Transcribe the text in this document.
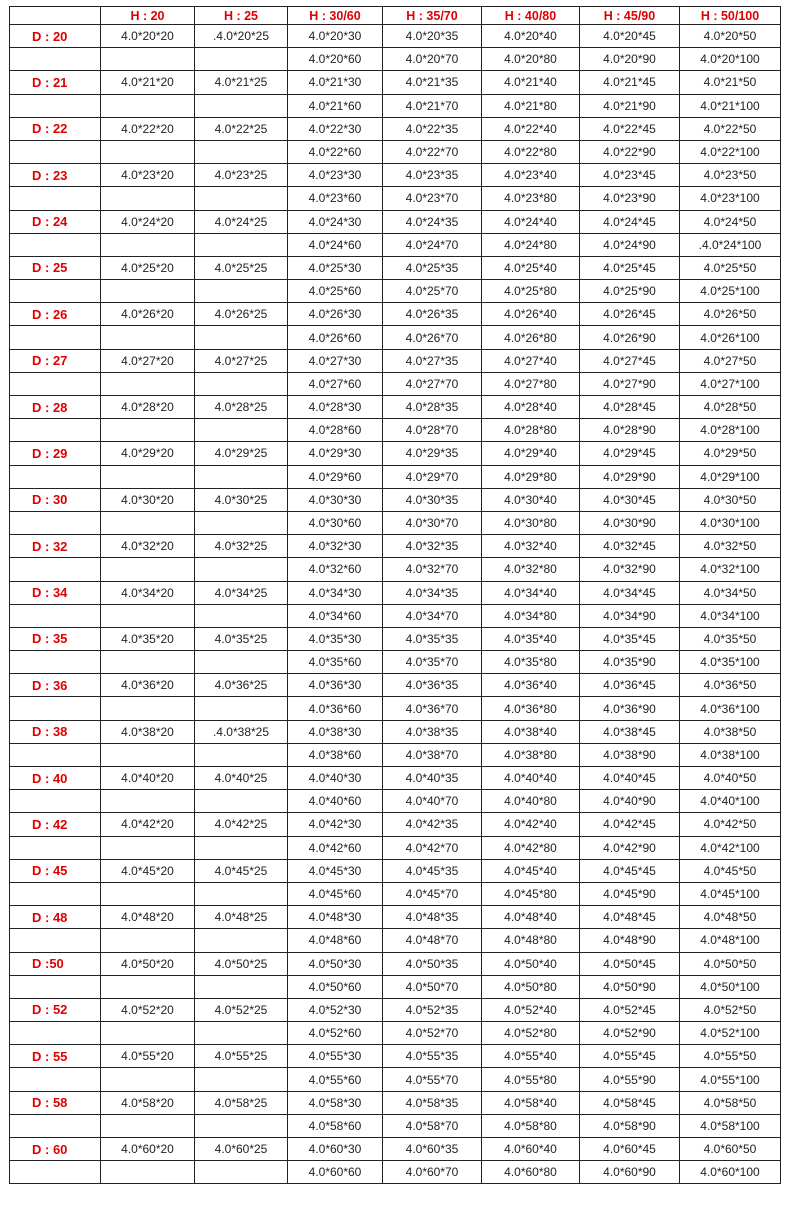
	H : 20	H : 25	H : 30/60	H : 35/70	H : 40/80	H : 45/90	H : 50/100
D : 20	4.0*20*20	.4.0*20*25	4.0*20*30	4.0*20*35	4.0*20*40	4.0*20*45	4.0*20*50
			4.0*20*60	4.0*20*70	4.0*20*80	4.0*20*90	4.0*20*100
D : 21	4.0*21*20	4.0*21*25	4.0*21*30	4.0*21*35	4.0*21*40	4.0*21*45	4.0*21*50
			4.0*21*60	4.0*21*70	4.0*21*80	4.0*21*90	4.0*21*100
D : 22	4.0*22*20	4.0*22*25	4.0*22*30	4.0*22*35	4.0*22*40	4.0*22*45	4.0*22*50
			4.0*22*60	4.0*22*70	4.0*22*80	4.0*22*90	4.0*22*100
D : 23	4.0*23*20	4.0*23*25	4.0*23*30	4.0*23*35	4.0*23*40	4.0*23*45	4.0*23*50
			4.0*23*60	4.0*23*70	4.0*23*80	4.0*23*90	4.0*23*100
D : 24	4.0*24*20	4.0*24*25	4.0*24*30	4.0*24*35	4.0*24*40	4.0*24*45	4.0*24*50
			4.0*24*60	4.0*24*70	4.0*24*80	4.0*24*90	.4.0*24*100
D : 25	4.0*25*20	4.0*25*25	4.0*25*30	4.0*25*35	4.0*25*40	4.0*25*45	4.0*25*50
			4.0*25*60	4.0*25*70	4.0*25*80	4.0*25*90	4.0*25*100
D : 26	4.0*26*20	4.0*26*25	4.0*26*30	4.0*26*35	4.0*26*40	4.0*26*45	4.0*26*50
			4.0*26*60	4.0*26*70	4.0*26*80	4.0*26*90	4.0*26*100
D : 27	4.0*27*20	4.0*27*25	4.0*27*30	4.0*27*35	4.0*27*40	4.0*27*45	4.0*27*50
			4.0*27*60	4.0*27*70	4.0*27*80	4.0*27*90	4.0*27*100
D : 28	4.0*28*20	4.0*28*25	4.0*28*30	4.0*28*35	4.0*28*40	4.0*28*45	4.0*28*50
			4.0*28*60	4.0*28*70	4.0*28*80	4.0*28*90	4.0*28*100
D : 29	4.0*29*20	4.0*29*25	4.0*29*30	4.0*29*35	4.0*29*40	4.0*29*45	4.0*29*50
			4.0*29*60	4.0*29*70	4.0*29*80	4.0*29*90	4.0*29*100
D : 30	4.0*30*20	4.0*30*25	4.0*30*30	4.0*30*35	4.0*30*40	4.0*30*45	4.0*30*50
			4.0*30*60	4.0*30*70	4.0*30*80	4.0*30*90	4.0*30*100
D : 32	4.0*32*20	4.0*32*25	4.0*32*30	4.0*32*35	4.0*32*40	4.0*32*45	4.0*32*50
			4.0*32*60	4.0*32*70	4.0*32*80	4.0*32*90	4.0*32*100
D : 34	4.0*34*20	4.0*34*25	4.0*34*30	4.0*34*35	4.0*34*40	4.0*34*45	4.0*34*50
			4.0*34*60	4.0*34*70	4.0*34*80	4.0*34*90	4.0*34*100
D : 35	4.0*35*20	4.0*35*25	4.0*35*30	4.0*35*35	4.0*35*40	4.0*35*45	4.0*35*50
			4.0*35*60	4.0*35*70	4.0*35*80	4.0*35*90	4.0*35*100
D : 36	4.0*36*20	4.0*36*25	4.0*36*30	4.0*36*35	4.0*36*40	4.0*36*45	4.0*36*50
			4.0*36*60	4.0*36*70	4.0*36*80	4.0*36*90	4.0*36*100
D : 38	4.0*38*20	.4.0*38*25	4.0*38*30	4.0*38*35	4.0*38*40	4.0*38*45	4.0*38*50
			4.0*38*60	4.0*38*70	4.0*38*80	4.0*38*90	4.0*38*100
D : 40	4.0*40*20	4.0*40*25	4.0*40*30	4.0*40*35	4.0*40*40	4.0*40*45	4.0*40*50
			4.0*40*60	4.0*40*70	4.0*40*80	4.0*40*90	4.0*40*100
D : 42	4.0*42*20	4.0*42*25	4.0*42*30	4.0*42*35	4.0*42*40	4.0*42*45	4.0*42*50
			4.0*42*60	4.0*42*70	4.0*42*80	4.0*42*90	4.0*42*100
D : 45	4.0*45*20	4.0*45*25	4.0*45*30	4.0*45*35	4.0*45*40	4.0*45*45	4.0*45*50
			4.0*45*60	4.0*45*70	4.0*45*80	4.0*45*90	4.0*45*100
D : 48	4.0*48*20	4.0*48*25	4.0*48*30	4.0*48*35	4.0*48*40	4.0*48*45	4.0*48*50
			4.0*48*60	4.0*48*70	4.0*48*80	4.0*48*90	4.0*48*100
D :50	4.0*50*20	4.0*50*25	4.0*50*30	4.0*50*35	4.0*50*40	4.0*50*45	4.0*50*50
			4.0*50*60	4.0*50*70	4.0*50*80	4.0*50*90	4.0*50*100
D : 52	4.0*52*20	4.0*52*25	4.0*52*30	4.0*52*35	4.0*52*40	4.0*52*45	4.0*52*50
			4.0*52*60	4.0*52*70	4.0*52*80	4.0*52*90	4.0*52*100
D : 55	4.0*55*20	4.0*55*25	4.0*55*30	4.0*55*35	4.0*55*40	4.0*55*45	4.0*55*50
			4.0*55*60	4.0*55*70	4.0*55*80	4.0*55*90	4.0*55*100
D : 58	4.0*58*20	4.0*58*25	4.0*58*30	4.0*58*35	4.0*58*40	4.0*58*45	4.0*58*50
			4.0*58*60	4.0*58*70	4.0*58*80	4.0*58*90	4.0*58*100
D : 60	4.0*60*20	4.0*60*25	4.0*60*30	4.0*60*35	4.0*60*40	4.0*60*45	4.0*60*50
			4.0*60*60	4.0*60*70	4.0*60*80	4.0*60*90	4.0*60*100
